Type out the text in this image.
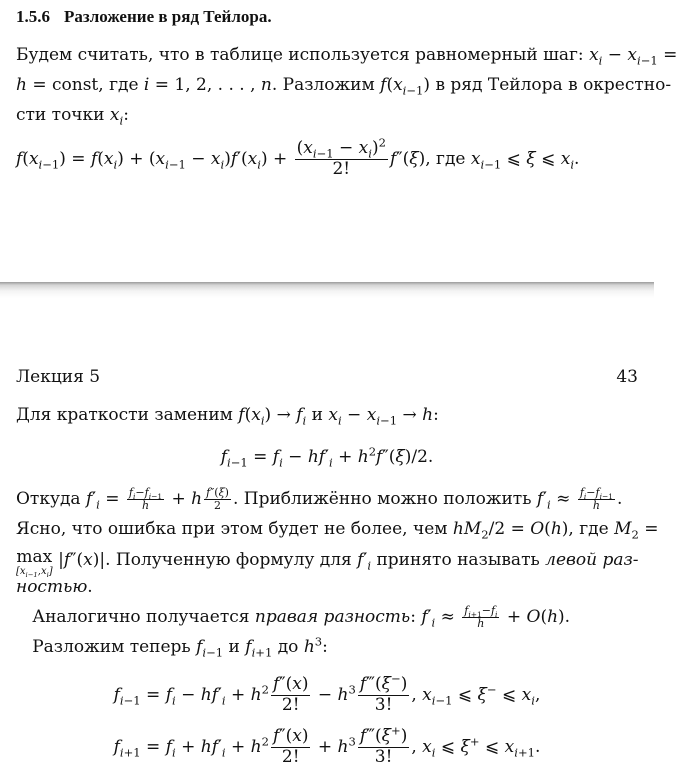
1.5.6 Разложение в ряд Тейлора.
Будем считать, что в таблице используется равномерный шаг: $x_i - x_{i-1}$ =
h = const, где i = 1, 2, . . . , n. Разложим $f(x_{i-1})$ в ряд Тейлора в окрестно-
сти точки $x_i$:
$f(x_{i-1}) = f(x_i) + (x_{i-1} - x_i)f'(x_i) + \frac{(x_{i-1} - x_i)^2}{2!} f''(\xi)$, где $x_{i-1}$ ⩽ ξ ⩽ $x_i$.
Лекция 5	43
Для краткости заменим $f(x_i) \to f_i$ и $x_i - x_{i-1} \to h$:
$f_{i-1} = f_i - hf'_i + h^2f''(\xi)/2$.
Откуда $f'_i = \frac{f_i-f_{i-1}}{h} + h \frac{f''(\xi)}{2}$ . Приближённо можно положить $f'_i \approx \frac{f_i-f_{i-1}}{h}$ .
Ясно, что ошибка при этом будет не более, чем $hM_2/2 = O(h)$, где $M_2$ =
max
$[x_{i-1},x_i]$
|f″(x)|. Полученную формулу для $f'_i$ принято называть левой раз-
ностью.
Аналогично получается правая разность: $f'_i \approx \frac{f_{i+1}-f_i}{h} + O(h)$.
Разложим теперь $f_{i-1}$ и $f_{i+1}$ до $h^3$:
$f_{i-1} = f_i - hf'_i + h^2 \frac{f''(x)}{2!} - h^3 \frac{f‴(\xi^-)}{3!}$ , $x_{i-1}$ ⩽ ξ− ⩽ $x_i$,
$f_{i+1} = f_i + hf'_i + h^2 \frac{f''(x)}{2!} + h^3 \frac{f‴(\xi^+)}{3!}$ , $x_i$ ⩽ ξ+ ⩽ $x_{i+1}$.
